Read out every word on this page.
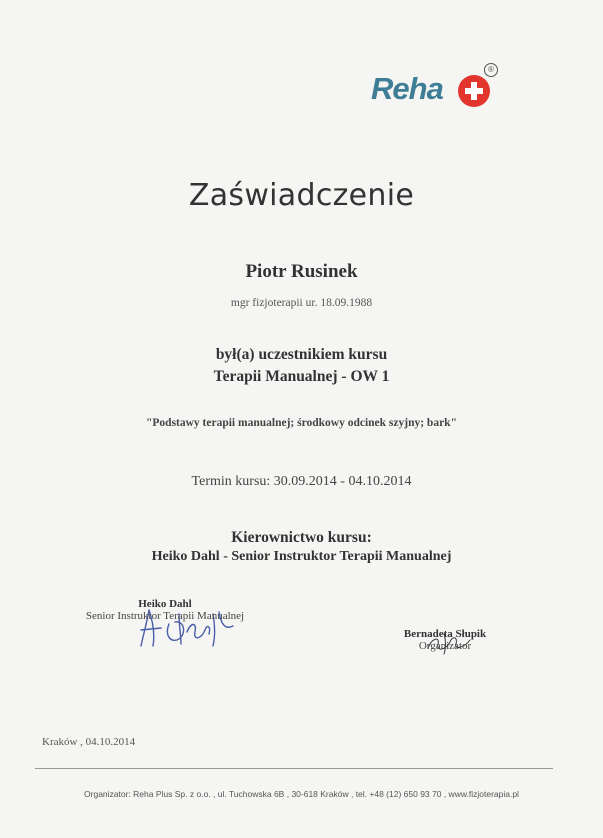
Reha
®
Zaświadczenie
Piotr Rusinek
mgr fizjoterapii ur. 18.09.1988
był(a) uczestnikiem kursu
Terapii Manualnej - OW 1
"Podstawy terapii manualnej; środkowy odcinek szyjny; bark"
Termin kursu: 30.09.2014 - 04.10.2014
Kierownictwo kursu:
Heiko Dahl - Senior Instruktor Terapii Manualnej
Heiko Dahl
Senior Instruktor Terapii Manualnej
Bernadeta Słupik
Organizator
Kraków , 04.10.2014
Organizator: Reha Plus Sp. z o.o. , ul. Tuchowska 6B , 30-618 Kraków , tel. +48 (12) 650 93 70 , www.fizjoterapia.pl
